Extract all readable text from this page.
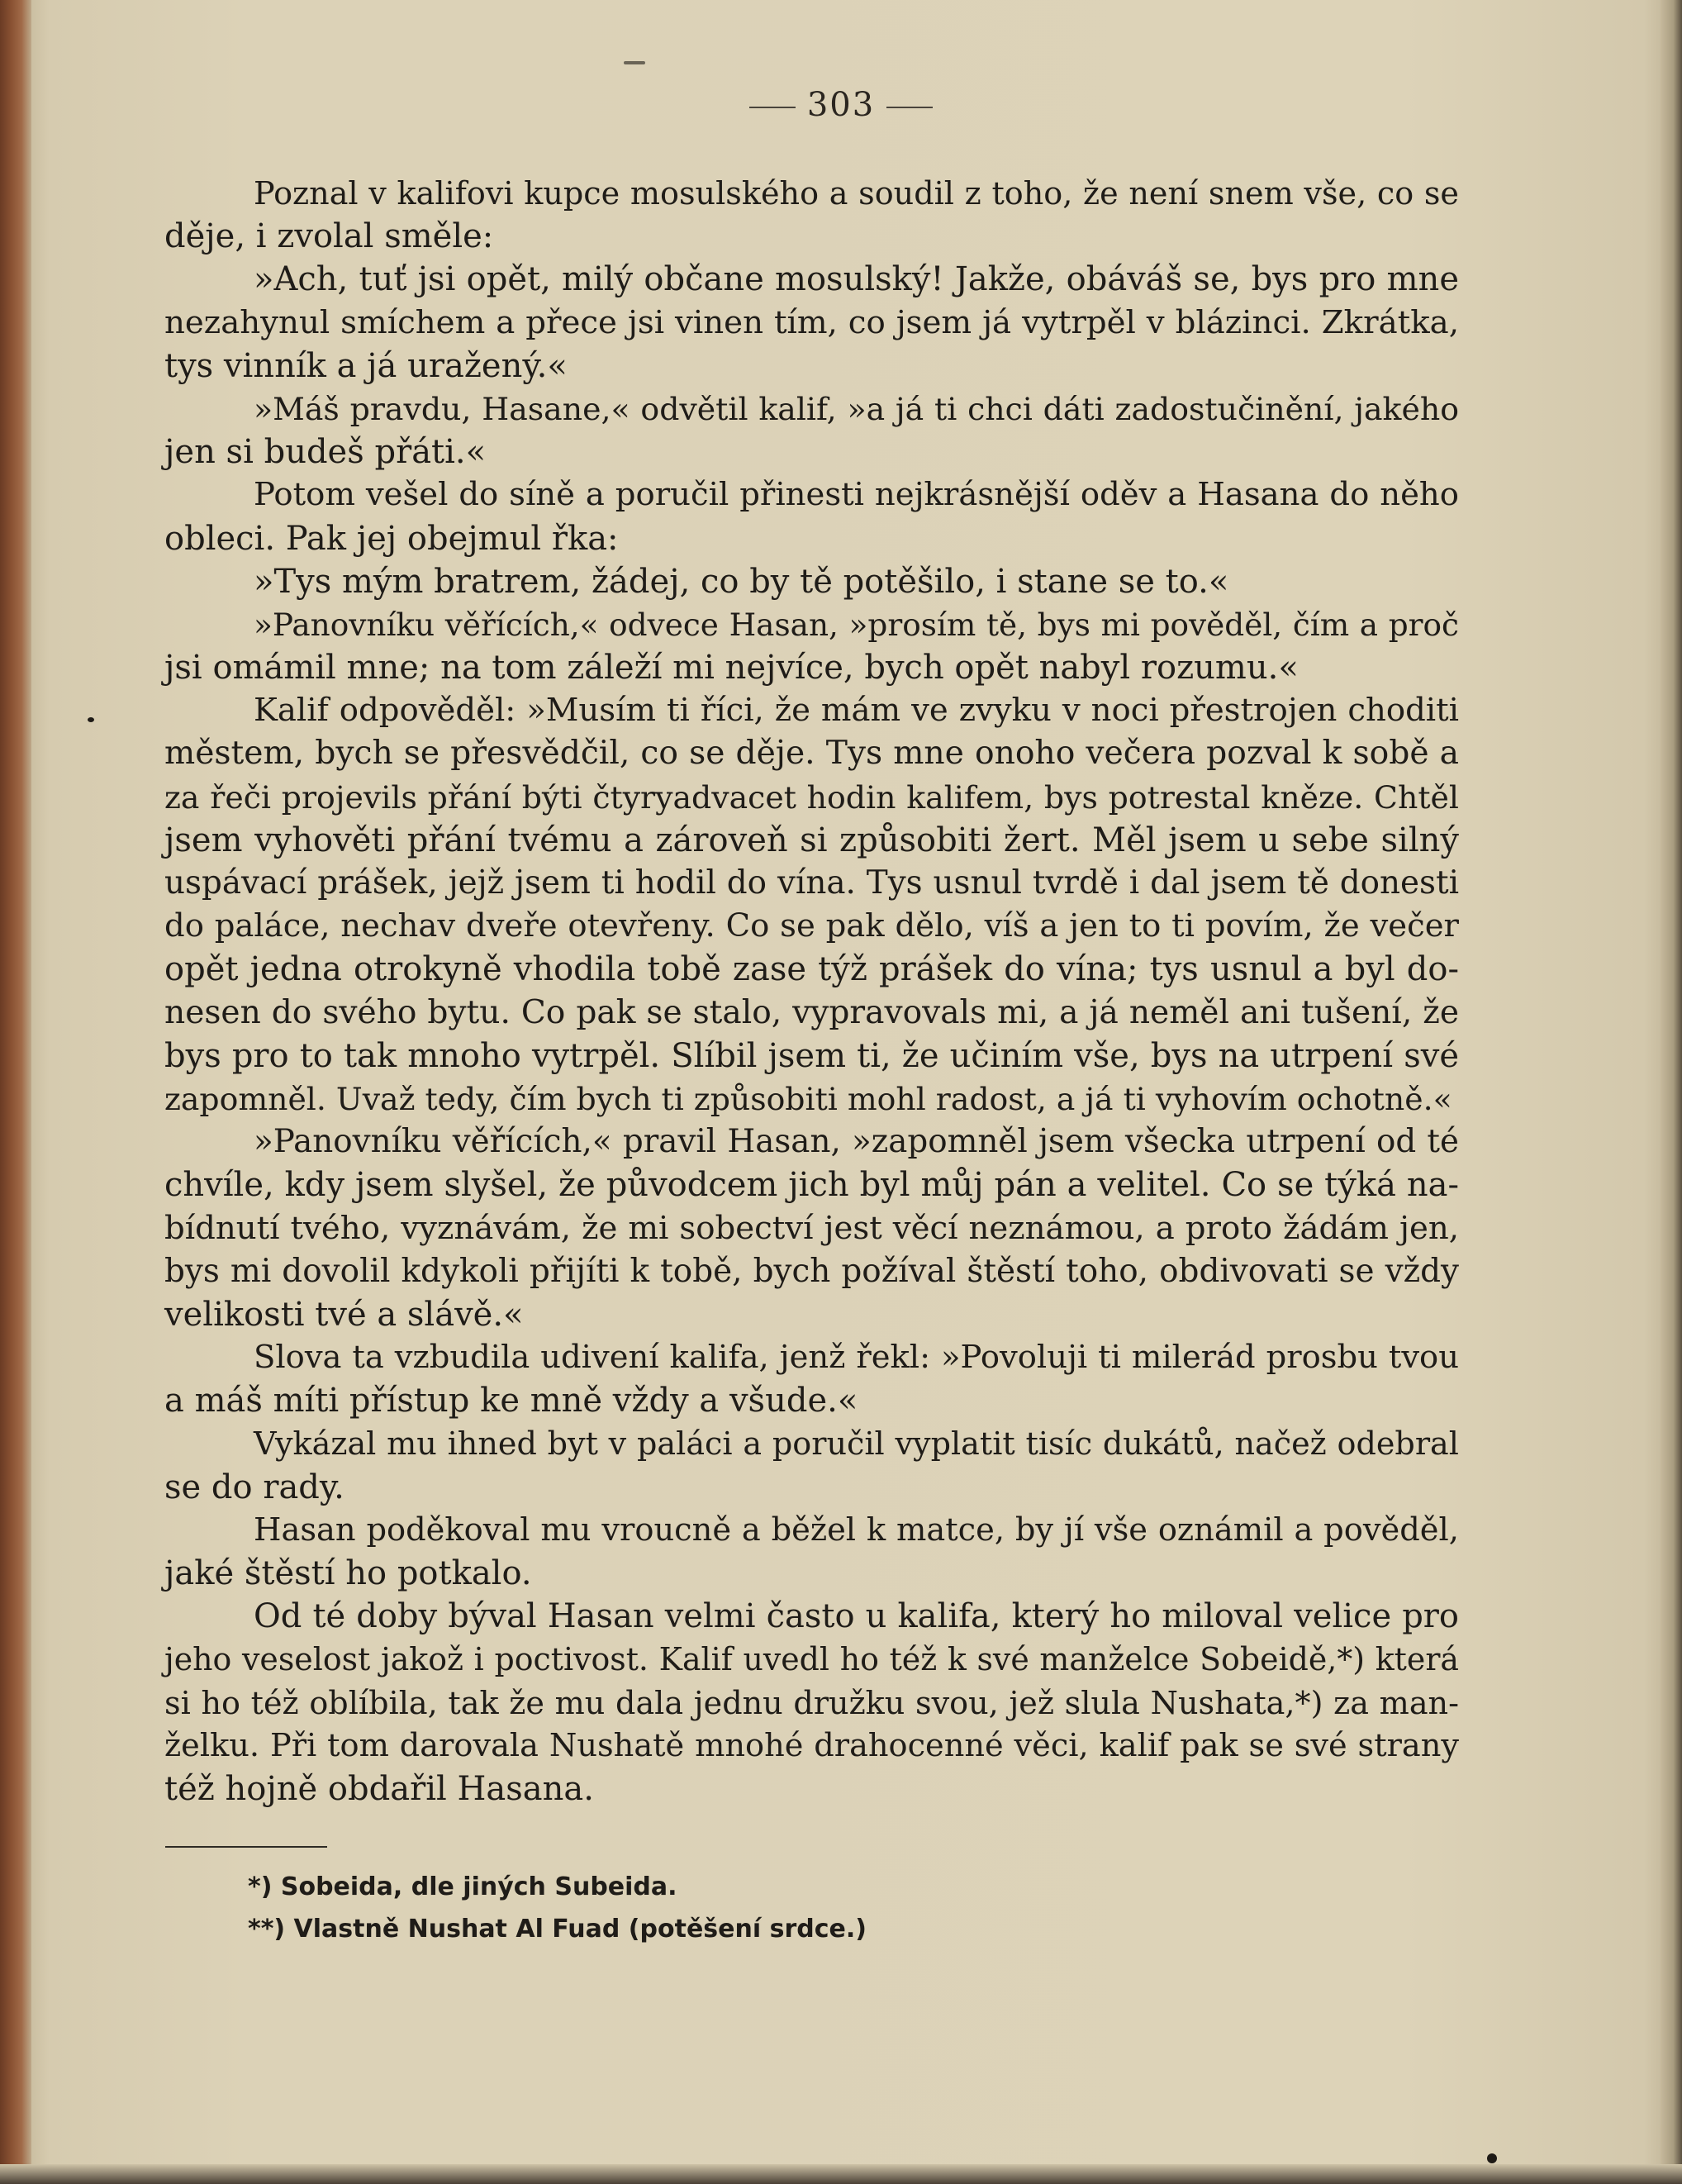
303
Poznal v kalifovi kupce mosulského a soudil z toho, že není snem vše, co se
děje, i zvolal směle:
»Ach, tuť jsi opět, milý občane mosulský! Jakže, obáváš se, bys pro mne
nezahynul smíchem a přece jsi vinen tím, co jsem já vytrpěl v blázinci. Zkrátka,
tys vinník a já uražený.«
»Máš pravdu, Hasane,« odvětil kalif, »a já ti chci dáti zadostučinění, jakého
jen si budeš přáti.«
Potom vešel do síně a poručil přinesti nejkrásnější oděv a Hasana do něho
obleci. Pak jej obejmul řka:
»Tys mým bratrem, žádej, co by tě potěšilo, i stane se to.«
»Panovníku věřících,« odvece Hasan, »prosím tě, bys mi pověděl, čím a proč
jsi omámil mne; na tom záleží mi nejvíce, bych opět nabyl rozumu.«
Kalif odpověděl: »Musím ti říci, že mám ve zvyku v noci přestrojen choditi
městem, bych se přesvědčil, co se děje. Tys mne onoho večera pozval k sobě a
za řeči projevils přání býti čtyryadvacet hodin kalifem, bys potrestal kněze. Chtěl
jsem vyhověti přání tvému a zároveň si způsobiti žert. Měl jsem u sebe silný
uspávací prášek, jejž jsem ti hodil do vína. Tys usnul tvrdě i dal jsem tě donesti
do paláce, nechav dveře otevřeny. Co se pak dělo, víš a jen to ti povím, že večer
opět jedna otrokyně vhodila tobě zase týž prášek do vína; tys usnul a byl do-
nesen do svého bytu. Co pak se stalo, vypravovals mi, a já neměl ani tušení, že
bys pro to tak mnoho vytrpěl. Slíbil jsem ti, že učiním vše, bys na utrpení své
zapomněl. Uvaž tedy, čím bych ti způsobiti mohl radost, a já ti vyhovím ochotně.«
»Panovníku věřících,« pravil Hasan, »zapomněl jsem všecka utrpení od té
chvíle, kdy jsem slyšel, že původcem jich byl můj pán a velitel. Co se týká na-
bídnutí tvého, vyznávám, že mi sobectví jest věcí neznámou, a proto žádám jen,
bys mi dovolil kdykoli přijíti k tobě, bych požíval štěstí toho, obdivovati se vždy
velikosti tvé a slávě.«
Slova ta vzbudila udivení kalifa, jenž řekl: »Povoluji ti milerád prosbu tvou
a máš míti přístup ke mně vždy a všude.«
Vykázal mu ihned byt v paláci a poručil vyplatit tisíc dukátů, načež odebral
se do rady.
Hasan poděkoval mu vroucně a běžel k matce, by jí vše oznámil a pověděl,
jaké štěstí ho potkalo.
Od té doby býval Hasan velmi často u kalifa, který ho miloval velice pro
jeho veselost jakož i poctivost. Kalif uvedl ho též k své manželce Sobeidě,*) která
si ho též oblíbila, tak že mu dala jednu družku svou, jež slula Nushata,*) za man-
želku. Při tom darovala Nushatě mnohé drahocenné věci, kalif pak se své strany
též hojně obdařil Hasana.
*) Sobeida, dle jiných Subeida.
**) Vlastně Nushat Al Fuad (potěšení srdce.)
